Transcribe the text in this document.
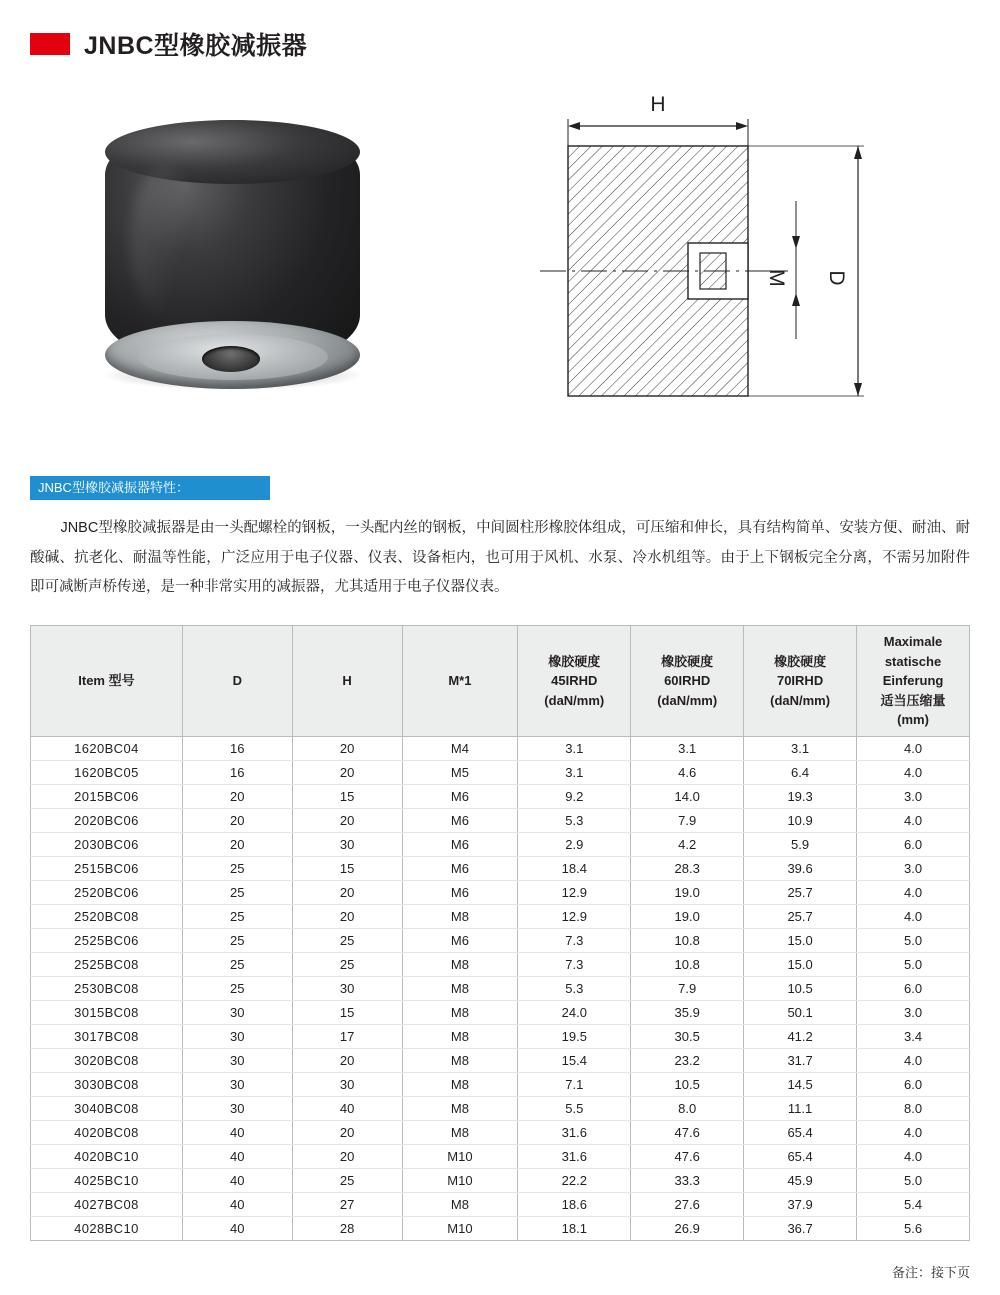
JNBC型橡胶减振器
H
D
M
JNBC型橡胶减振器特性：

JNBC型橡胶减振器是由一头配螺栓的钢板，一头配内丝的钢板，中间圆柱形橡胶体组成，可压缩和伸长，具有结构简单、安装方便、耐油、耐酸碱、抗老化、耐温等性能，广泛应用于电子仪器、仪表、设备柜内，也可用于风机、水泵、冷水机组等。由于上下钢板完全分离，不需另加附件即可减断声桥传递，是一种非常实用的减振器，尤其适用于电子仪器仪表。

Item 型号	D	H	M*1	橡胶硬度
45IRHD
(daN/mm)	橡胶硬度
60IRHD
(daN/mm)	橡胶硬度
70IRHD
(daN/mm)	Maximale
statische
Einferung
适当压缩量
(mm)

1620BC04	16	20	M4	3.1	3.1	3.1	4.0
1620BC05	16	20	M5	3.1	4.6	6.4	4.0
2015BC06	20	15	M6	9.2	14.0	19.3	3.0
2020BC06	20	20	M6	5.3	7.9	10.9	4.0
2030BC06	20	30	M6	2.9	4.2	5.9	6.0
2515BC06	25	15	M6	18.4	28.3	39.6	3.0
2520BC06	25	20	M6	12.9	19.0	25.7	4.0
2520BC08	25	20	M8	12.9	19.0	25.7	4.0
2525BC06	25	25	M6	7.3	10.8	15.0	5.0
2525BC08	25	25	M8	7.3	10.8	15.0	5.0
2530BC08	25	30	M8	5.3	7.9	10.5	6.0
3015BC08	30	15	M8	24.0	35.9	50.1	3.0
3017BC08	30	17	M8	19.5	30.5	41.2	3.4
3020BC08	30	20	M8	15.4	23.2	31.7	4.0
3030BC08	30	30	M8	7.1	10.5	14.5	6.0
3040BC08	30	40	M8	5.5	8.0	11.1	8.0
4020BC08	40	20	M8	31.6	47.6	65.4	4.0
4020BC10	40	20	M10	31.6	47.6	65.4	4.0
4025BC10	40	25	M10	22.2	33.3	45.9	5.0
4027BC08	40	27	M8	18.6	27.6	37.9	5.4
4028BC10	40	28	M10	18.1	26.9	36.7	5.6
备注：接下页
